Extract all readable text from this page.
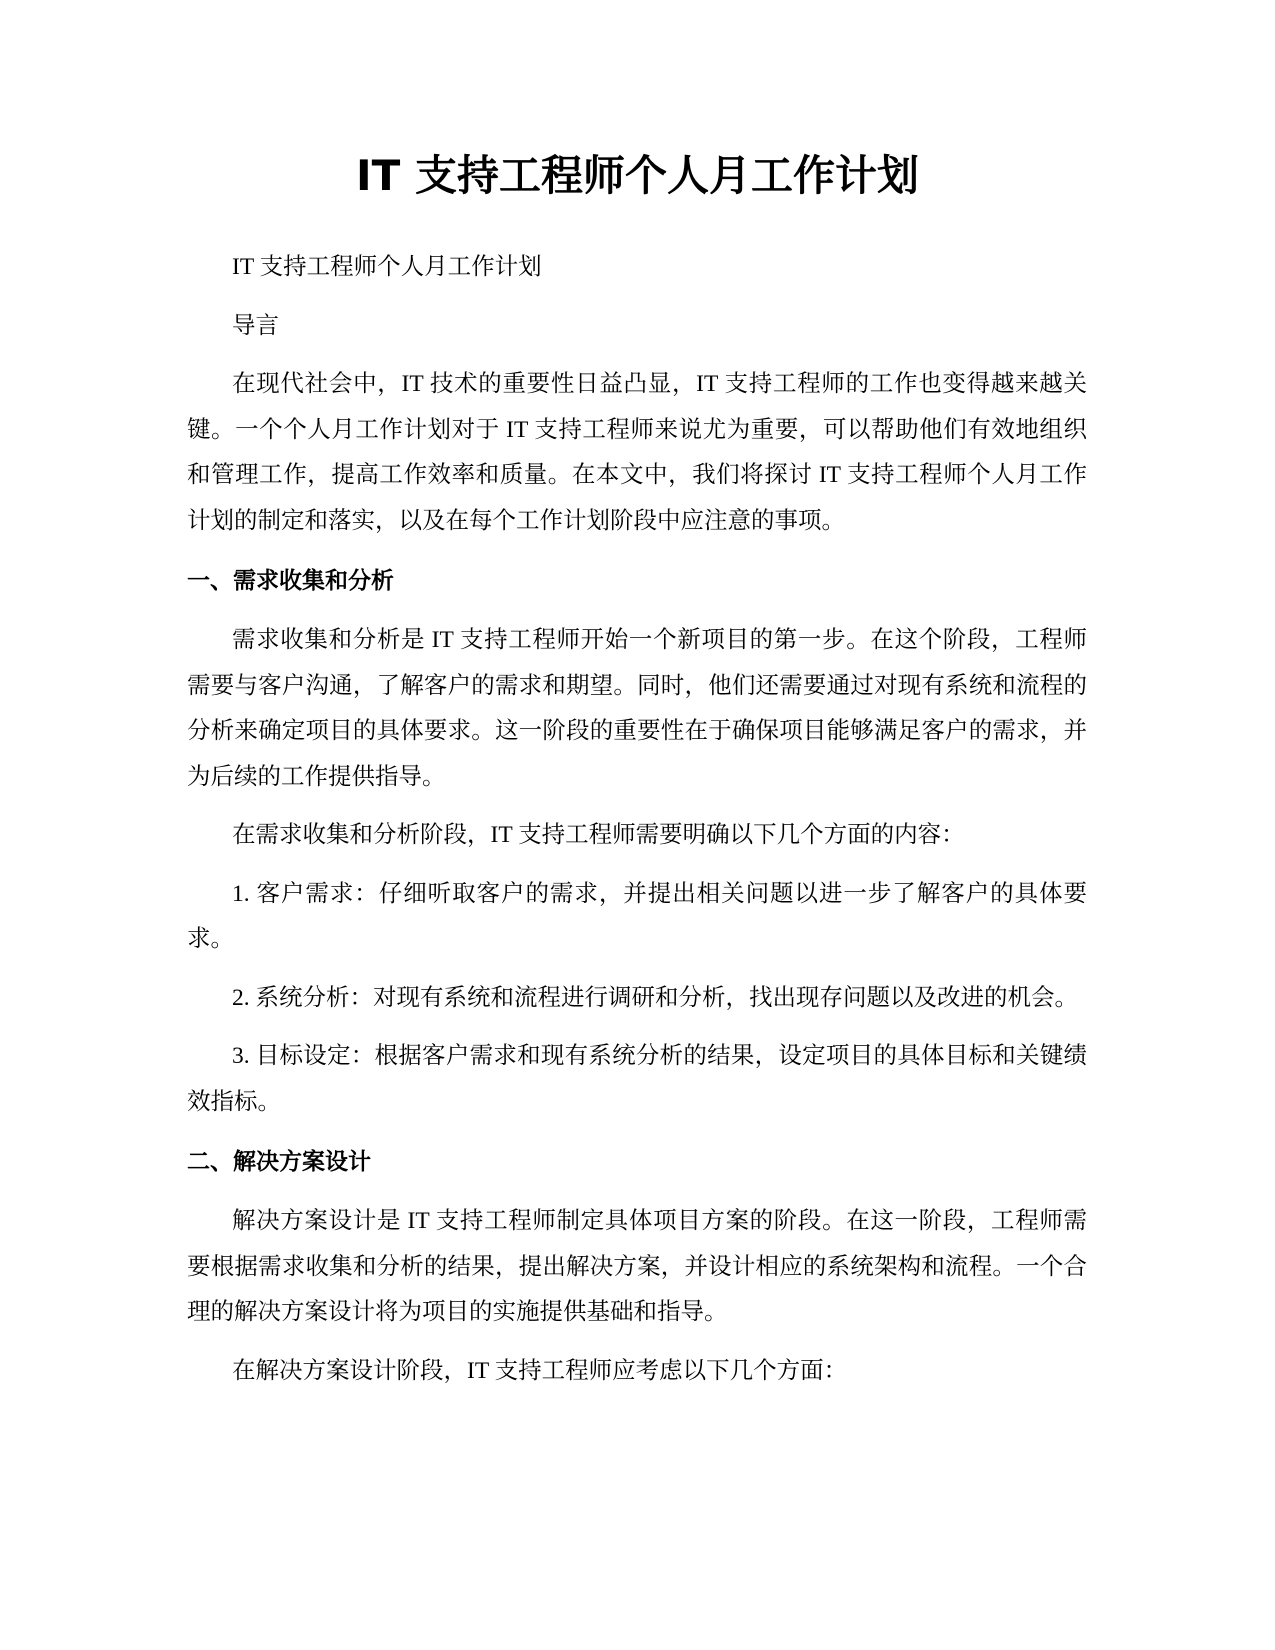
IT 支持工程师个人月工作计划

IT 支持工程师个人月工作计划

导言

在现代社会中，IT 技术的重要性日益凸显，IT 支持工程师的工作也变得越来越关键。一个个人月工作计划对于 IT 支持工程师来说尤为重要，可以帮助他们有效地组织和管理工作，提高工作效率和质量。在本文中，我们将探讨 IT 支持工程师个人月工作计划的制定和落实，以及在每个工作计划阶段中应注意的事项。

一、需求收集和分析

需求收集和分析是 IT 支持工程师开始一个新项目的第一步。在这个阶段，工程师需要与客户沟通，了解客户的需求和期望。同时，他们还需要通过对现有系统和流程的分析来确定项目的具体要求。这一阶段的重要性在于确保项目能够满足客户的需求，并为后续的工作提供指导。

在需求收集和分析阶段，IT 支持工程师需要明确以下几个方面的内容：

1. 客户需求：仔细听取客户的需求，并提出相关问题以进一步了解客户的具体要求。

2. 系统分析：对现有系统和流程进行调研和分析，找出现存问题以及改进的机会。

3. 目标设定：根据客户需求和现有系统分析的结果，设定项目的具体目标和关键绩效指标。

二、解决方案设计

解决方案设计是 IT 支持工程师制定具体项目方案的阶段。在这一阶段，工程师需要根据需求收集和分析的结果，提出解决方案，并设计相应的系统架构和流程。一个合理的解决方案设计将为项目的实施提供基础和指导。

在解决方案设计阶段，IT 支持工程师应考虑以下几个方面：
